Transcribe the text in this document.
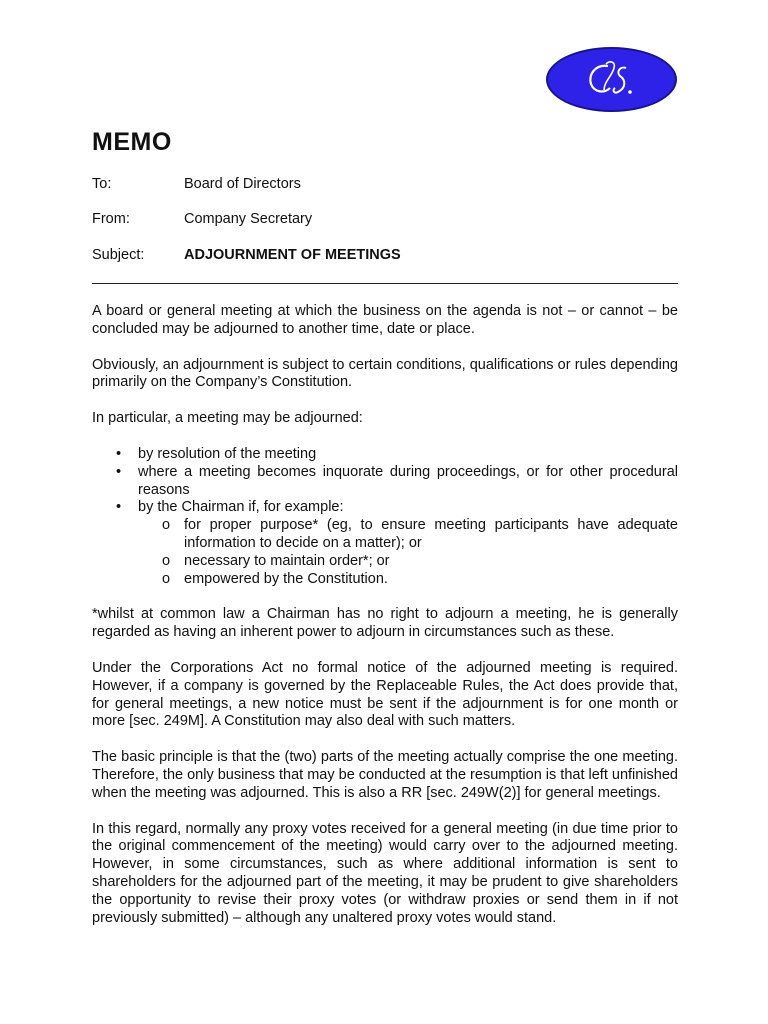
MEMO
To:	Board of Directors
From:	Company Secretary
Subject:	ADJOURNMENT OF MEETINGS

A board or general meeting at which the business on the agenda is not – or cannot – be concluded may be adjourned to another time, date or place.

Obviously, an adjournment is subject to certain conditions, qualifications or rules depending primarily on the Company’s Constitution.

In particular, a meeting may be adjourned:

• by resolution of the meeting
• where a meeting becomes inquorate during proceedings, or for other procedural reasons
• by the Chairman if, for example:
o for proper purpose* (eg, to ensure meeting participants have adequate information to decide on a matter); or
o necessary to maintain order*; or
o empowered by the Constitution.

*whilst at common law a Chairman has no right to adjourn a meeting, he is generally regarded as having an inherent power to adjourn in circumstances such as these.

Under the Corporations Act no formal notice of the adjourned meeting is required. However, if a company is governed by the Replaceable Rules, the Act does provide that, for general meetings, a new notice must be sent if the adjournment is for one month or more [sec. 249M]. A Constitution may also deal with such matters.

The basic principle is that the (two) parts of the meeting actually comprise the one meeting. Therefore, the only business that may be conducted at the resumption is that left unfinished when the meeting was adjourned. This is also a RR [sec. 249W(2)] for general meetings.

In this regard, normally any proxy votes received for a general meeting (in due time prior to the original commencement of the meeting) would carry over to the adjourned meeting. However, in some circumstances, such as where additional information is sent to shareholders for the adjourned part of the meeting, it may be prudent to give shareholders the opportunity to revise their proxy votes (or withdraw proxies or send them in if not previously submitted) – although any unaltered proxy votes would stand.
